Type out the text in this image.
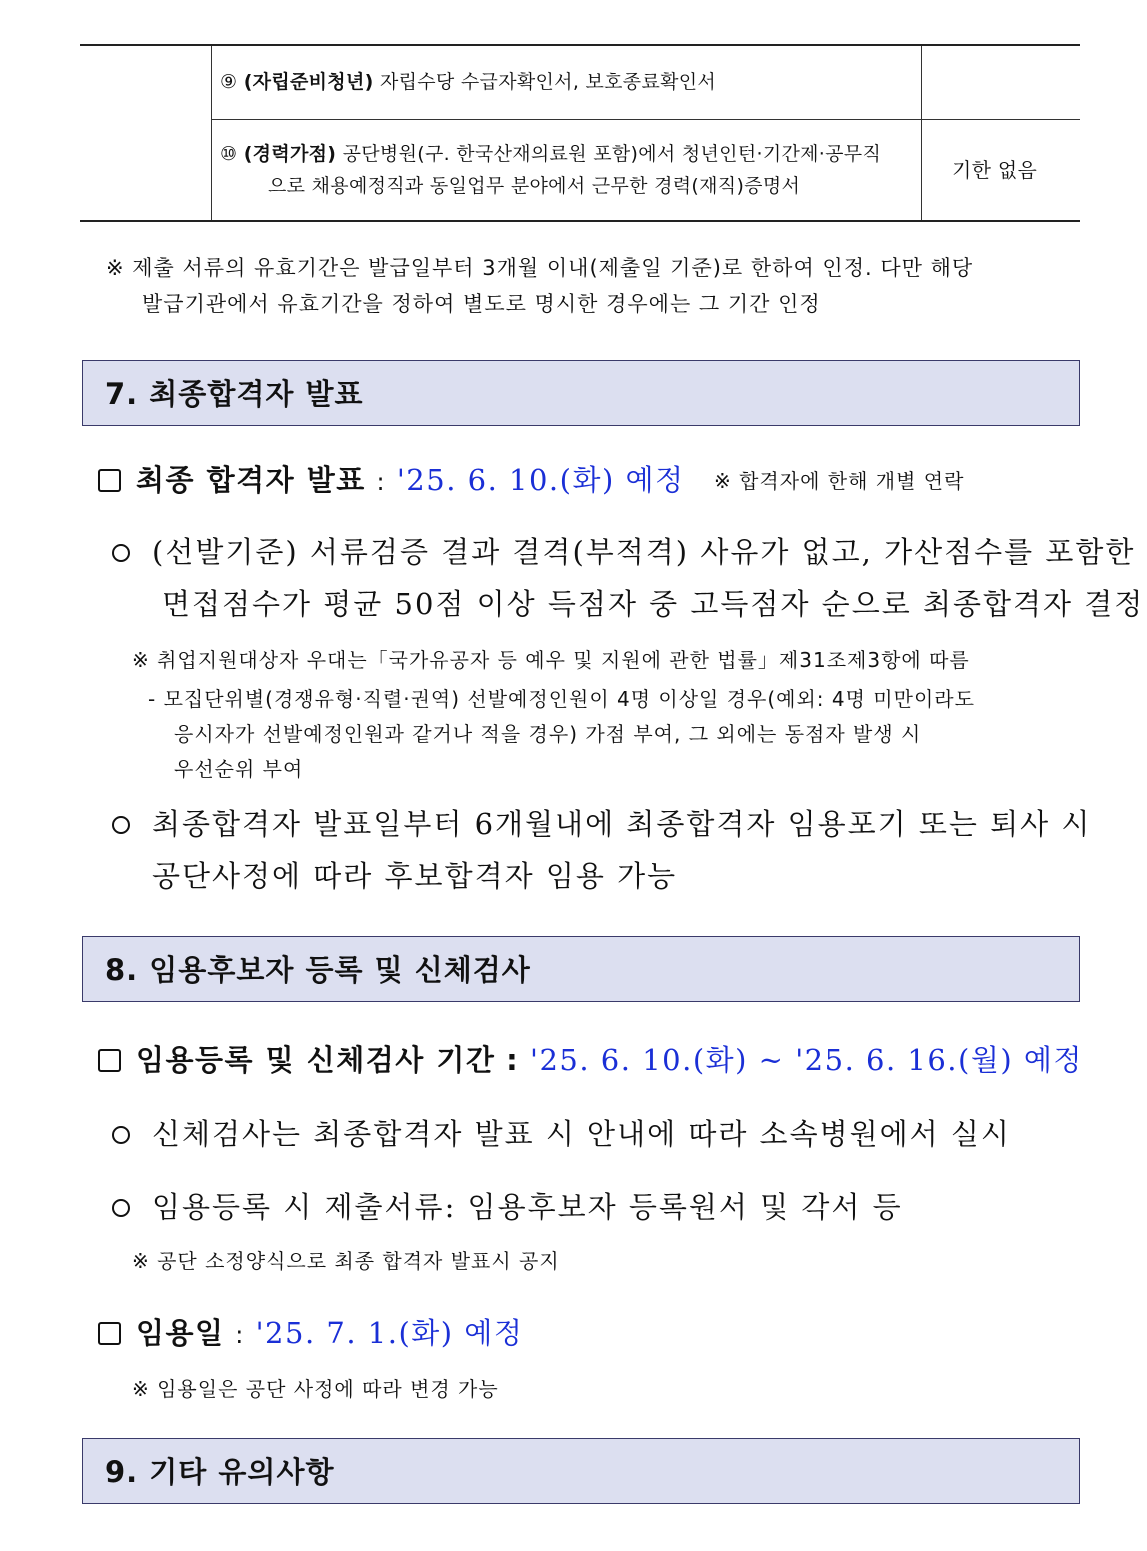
⑨ (자립준비청년) 자립수당 수급자확인서, 보호종료확인서
⑩ (경력가점) 공단병원(구. 한국산재의료원 포함)에서 청년인턴·기간제·공무직
으로 채용예정직과 동일업무 분야에서 근무한 경력(재직)증명서
기한 없음
※ 제출 서류의 유효기간은 발급일부터 3개월 이내(제출일 기준)로 한하여 인정. 다만 해당
발급기관에서 유효기간을 정하여 별도로 명시한 경우에는 그 기간 인정
7. 최종합격자 발표
최종 합격자 발표 : '25. 6. 10.(화) 예정 ※ 합격자에 한해 개별 연락
(선발기준) 서류검증 결과 결격(부적격) 사유가 없고, 가산점수를 포함한
면접점수가 평균 50점 이상 득점자 중 고득점자 순으로 최종합격자 결정
※ 취업지원대상자 우대는「국가유공자 등 예우 및 지원에 관한 법률」제31조제3항에 따름
- 모집단위별(경쟁유형·직렬·권역) 선발예정인원이 4명 이상일 경우(예외: 4명 미만이라도
응시자가 선발예정인원과 같거나 적을 경우) 가점 부여, 그 외에는 동점자 발생 시
우선순위 부여
최종합격자 발표일부터 6개월내에 최종합격자 임용포기 또는 퇴사 시
공단사정에 따라 후보합격자 임용 가능
8. 임용후보자 등록 및 신체검사
임용등록 및 신체검사 기간 : '25. 6. 10.(화) ~ '25. 6. 16.(월) 예정
신체검사는 최종합격자 발표 시 안내에 따라 소속병원에서 실시
임용등록 시 제출서류: 임용후보자 등록원서 및 각서 등
※ 공단 소정양식으로 최종 합격자 발표시 공지
임용일 : '25. 7. 1.(화) 예정
※ 임용일은 공단 사정에 따라 변경 가능
9. 기타 유의사항
